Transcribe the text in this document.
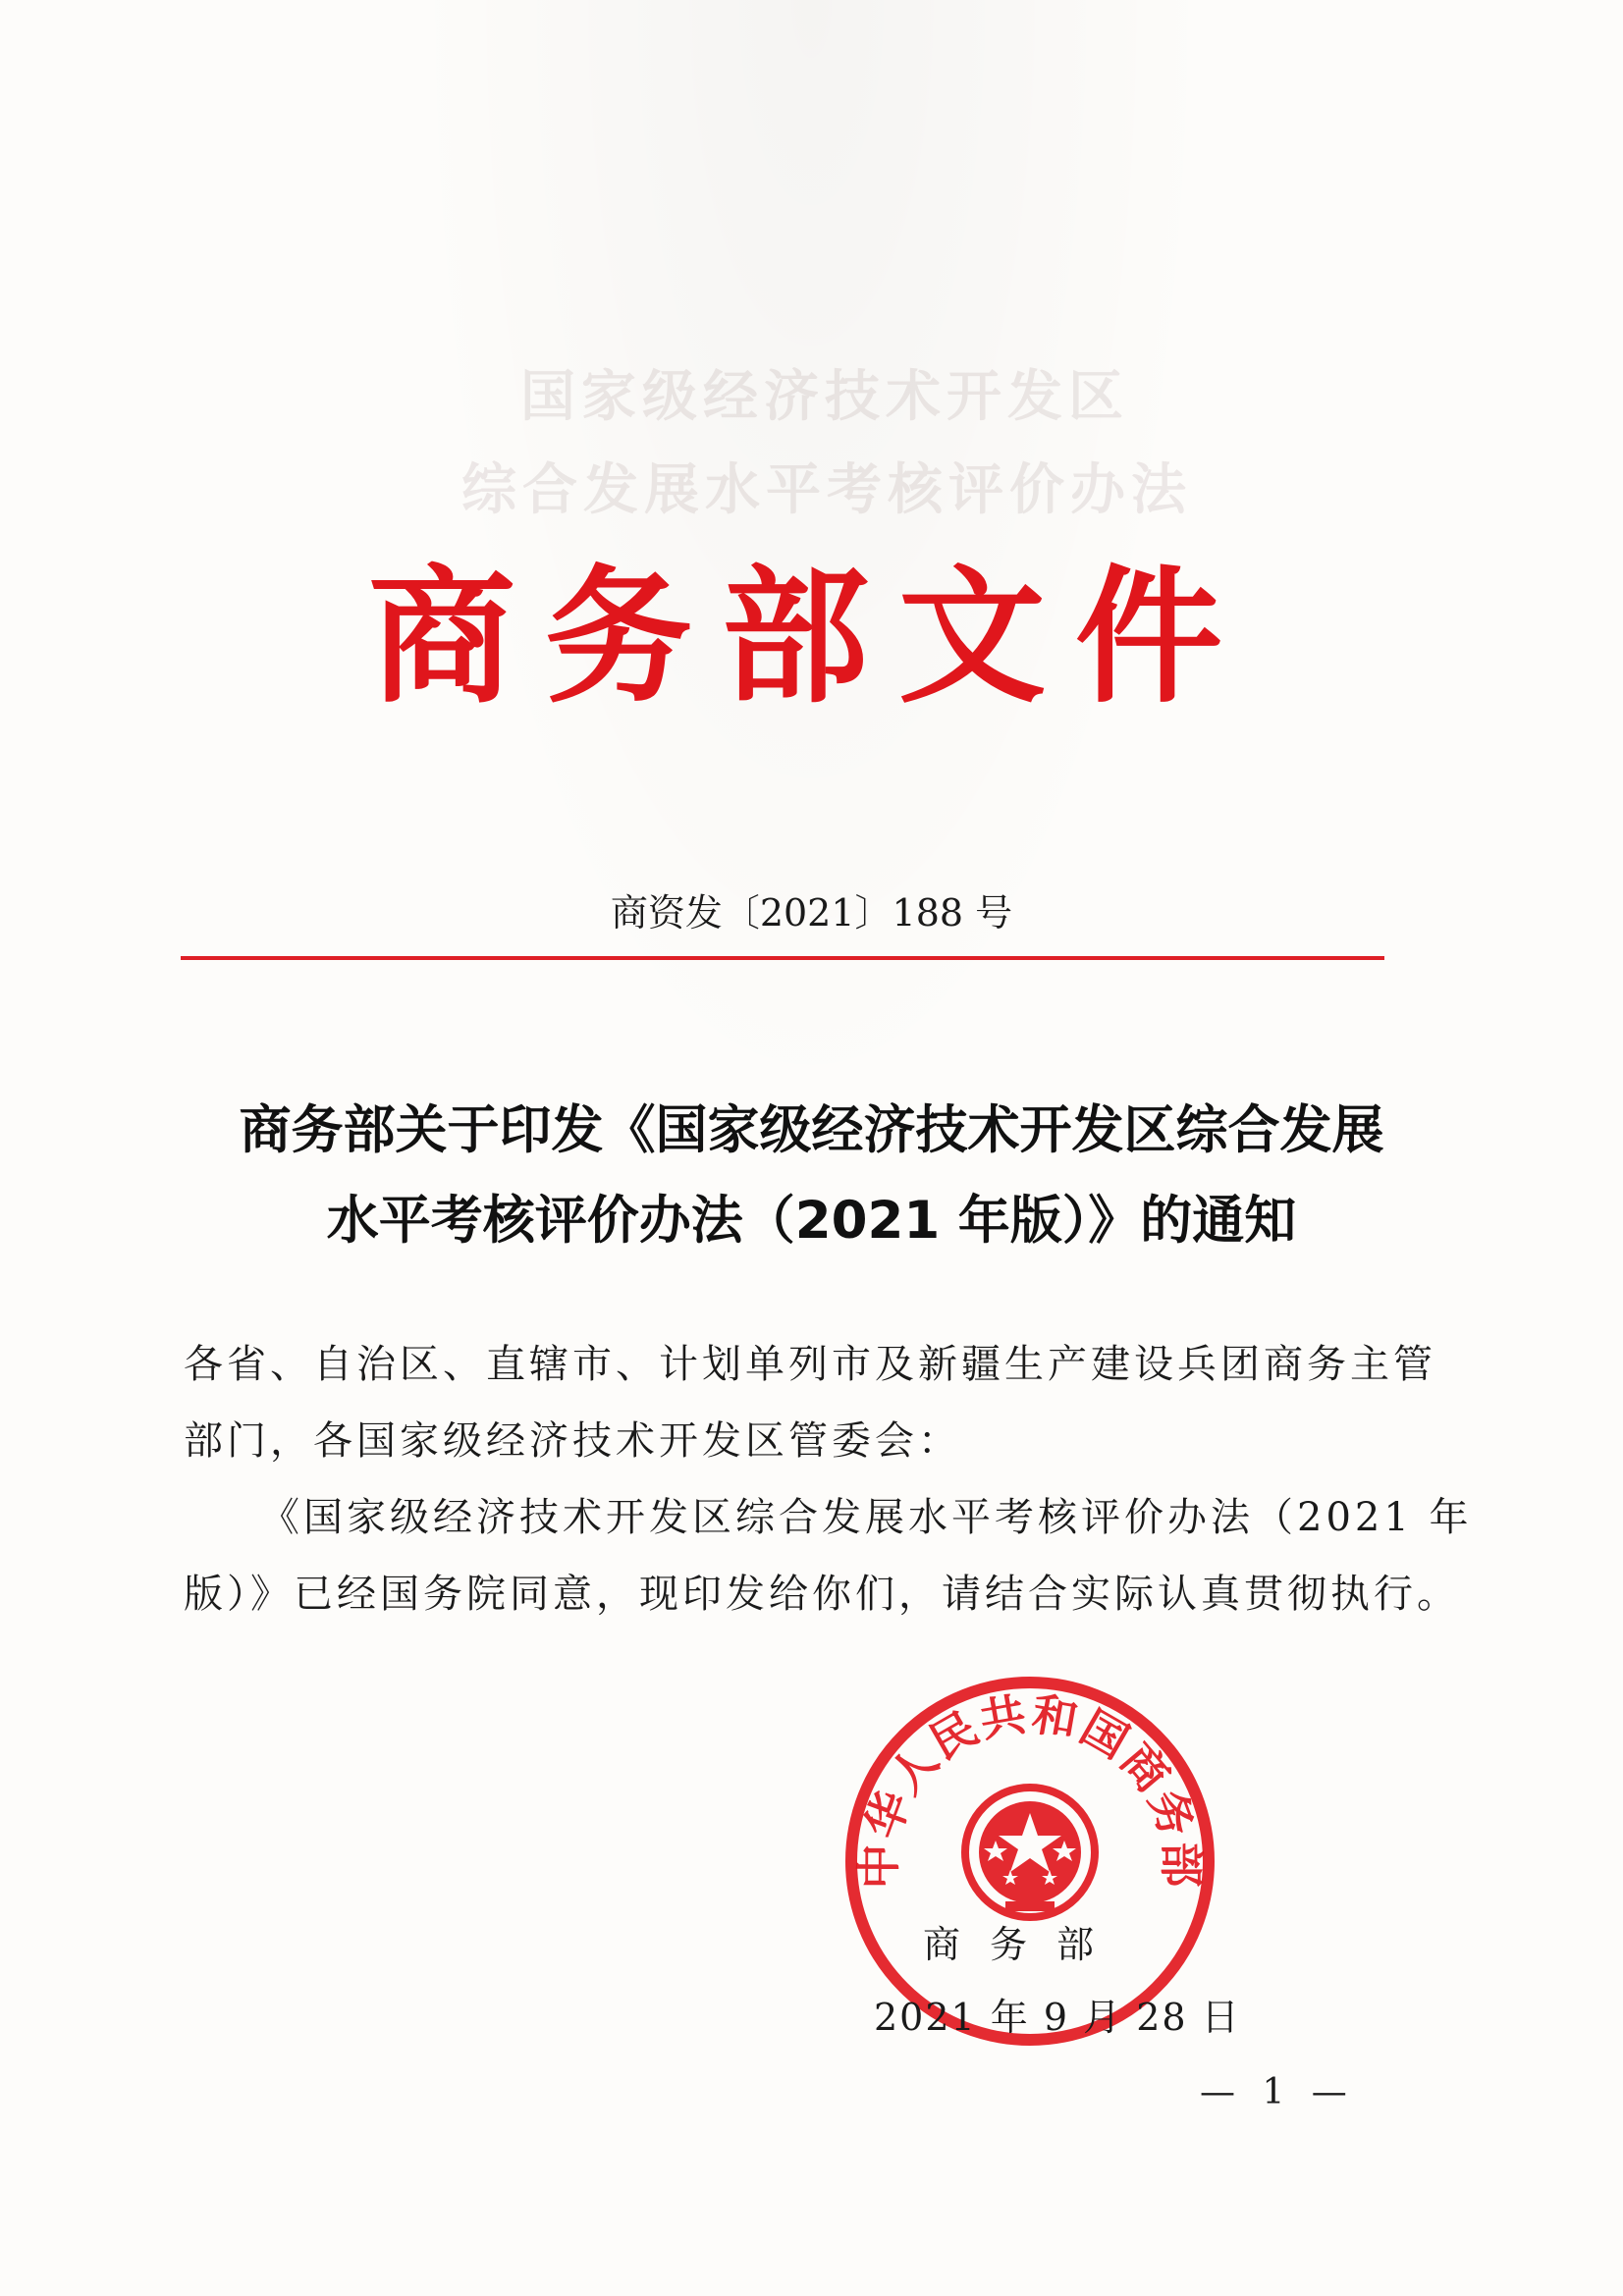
国家级经济技术开发区
综合发展水平考核评价办法
商务部文件
商资发〔2021〕188 号
商务部关于印发《国家级经济技术开发区综合发展
水平考核评价办法（2021 年版）》的通知
各省、自治区、直辖市、计划单列市及新疆生产建设兵团商务主管
部门，各国家级经济技术开发区管委会：
《国家级经济技术开发区综合发展水平考核评价办法（2021 年
版）》已经国务院同意，现印发给你们，请结合实际认真贯彻执行。
中华人民共和国商务部
商务部
2021 年 9 月 28 日
— 1 —
